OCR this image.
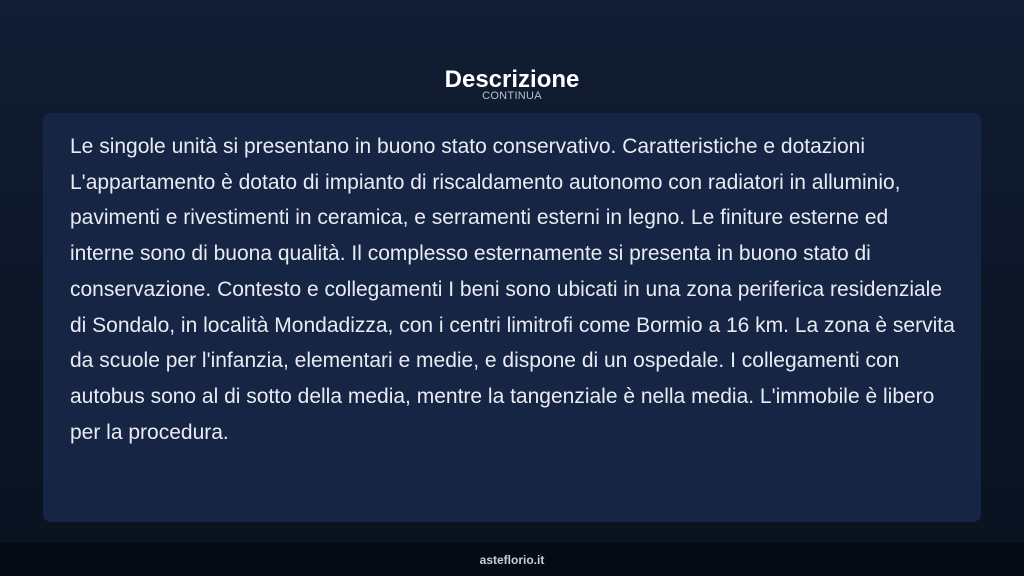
Descrizione
CONTINUA

Le singole unità si presentano in buono stato conservativo. Caratteristiche e dotazioni L'appartamento è dotato di impianto di riscaldamento autonomo con radiatori in alluminio, pavimenti e rivestimenti in ceramica, e serramenti esterni in legno. Le finiture esterne ed interne sono di buona qualità. Il complesso esternamente si presenta in buono stato di conservazione. Contesto e collegamenti I beni sono ubicati in una zona periferica residenziale di Sondalo, in località Mondadizza, con i centri limitrofi come Bormio a 16 km. La zona è servita da scuole per l'infanzia, elementari e medie, e dispone di un ospedale. I collegamenti con autobus sono al di sotto della media, mentre la tangenziale è nella media. L'immobile è libero per la procedura.

asteflorio.it
